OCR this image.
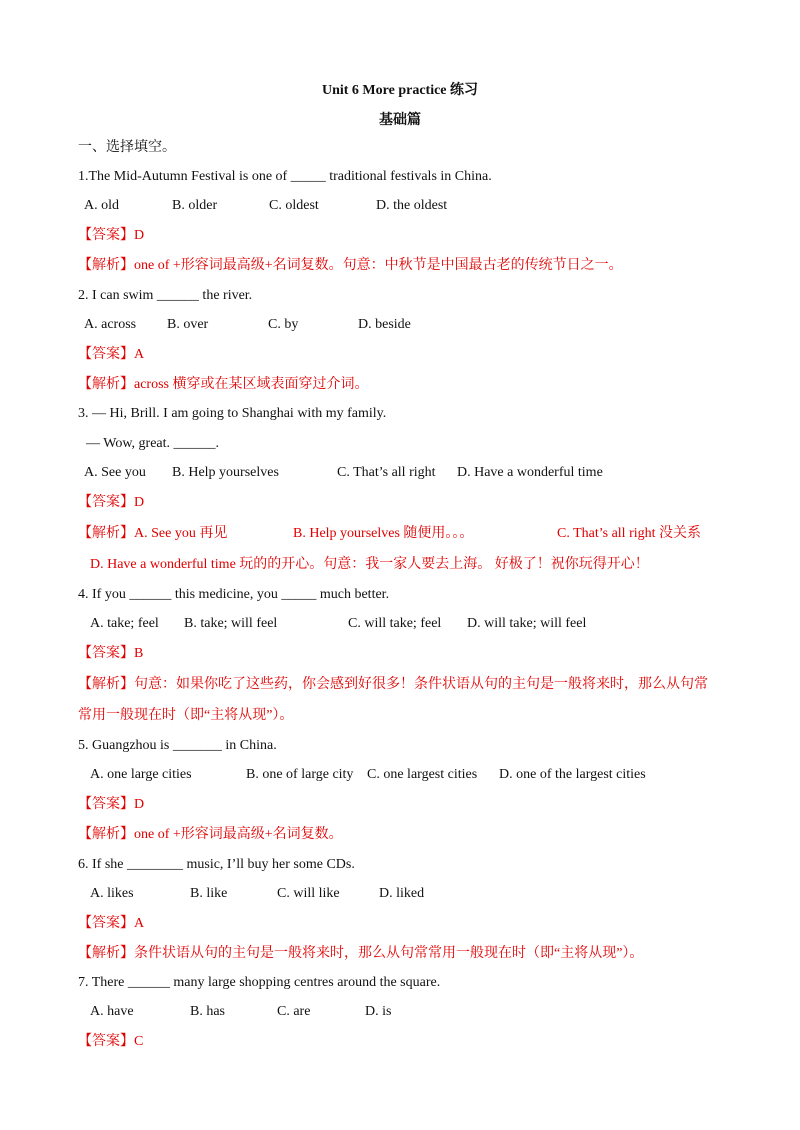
Unit 6 More practice 练习
基础篇
一、选择填空。
1.The Mid-Autumn Festival is one of _____ traditional festivals in China.
A. old	B. older	C. oldest	D. the oldest
【答案】D
【解析】one of +形容词最高级+名词复数。句意：中秋节是中国最古老的传统节日之一。
2. I can swim ______ the river.
A. across B. over	C. by	D. beside
【答案】A
【解析】across 横穿或在某区域表面穿过介词。
3. — Hi, Brill. I am going to Shanghai with my family.
— Wow, great. ______.
A. See you B. Help yourselves	C. That’s all right D. Have a wonderful time
【答案】D
【解析】A. See you 再见	B. Help yourselves 随便用。。。	C. That’s all right 没关系
D. Have a wonderful time 玩的的开心。句意：我一家人要去上海。 好极了！祝你玩得开心！
4. If you ______ this medicine, you _____ much better.
A. take; feel B. take; will feel	C. will take; feel D. will take; will feel
【答案】B
【解析】句意：如果你吃了这些药，你会感到好很多！条件状语从句的主句是一般将来时，那么从句常
常用一般现在时（即“主将从现”）。
5. Guangzhou is _______ in China.
A. one large cities	B. one of large city C. one largest cities D. one of the largest cities
【答案】D
【解析】one of +形容词最高级+名词复数。
6. If she ________ music, I’ll buy her some CDs.
A. likes	B. like	C. will like	D. liked
【答案】A
【解析】条件状语从句的主句是一般将来时，那么从句常常用一般现在时（即“主将从现”）。
7. There ______ many large shopping centres around the square.
A. have	B. has	C. are	D. is
【答案】C
